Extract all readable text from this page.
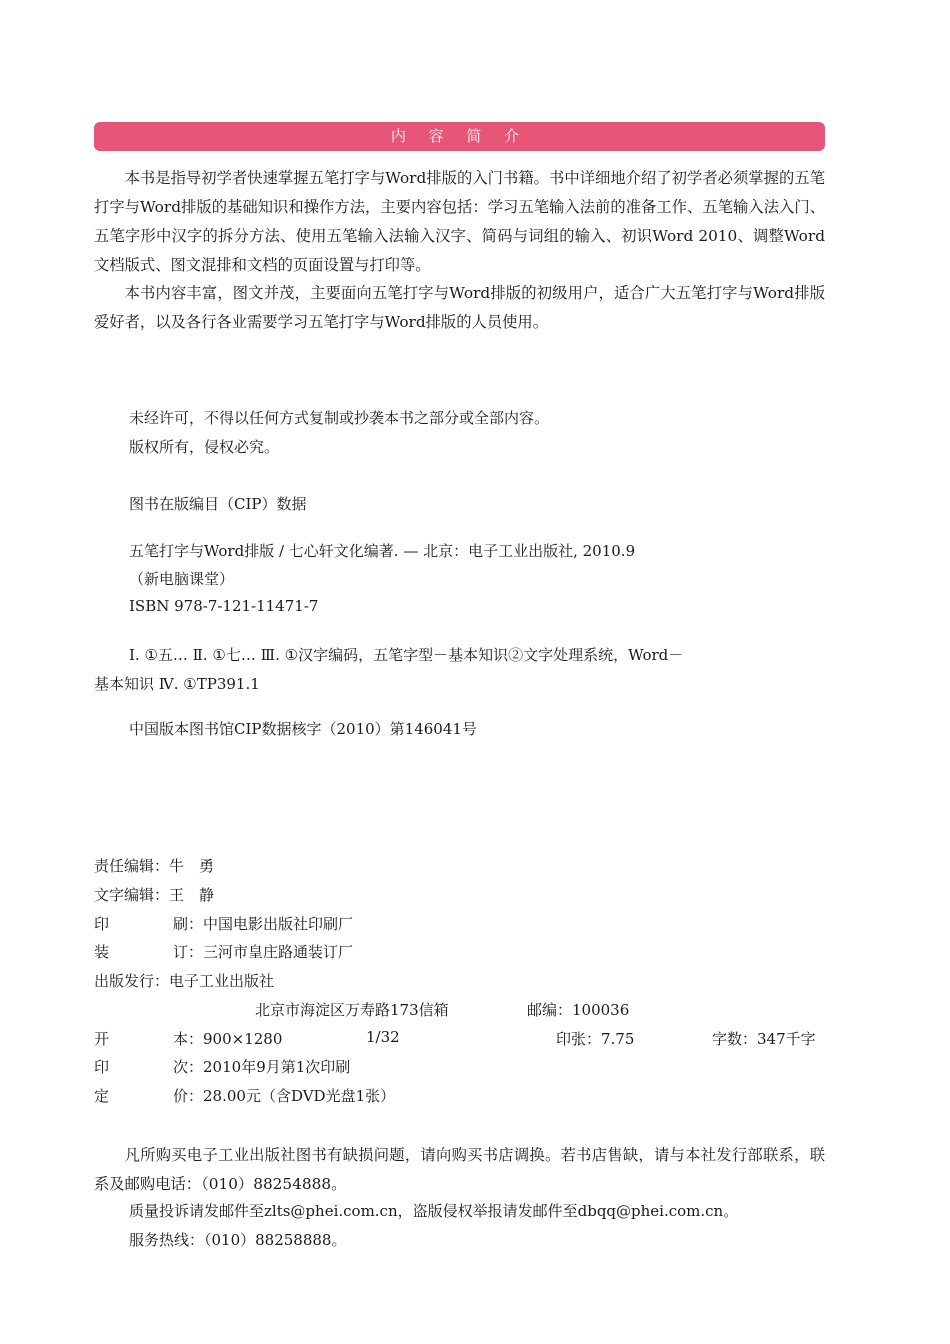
内 容 简 介

本书是指导初学者快速掌握五笔打字与Word排版的入门书籍。书中详细地介绍了初学者必须掌握的五笔打字与Word排版的基础知识和操作方法，主要内容包括：学习五笔输入法前的准备工作、五笔输入法入门、五笔字形中汉字的拆分方法、使用五笔输入法输入汉字、简码与词组的输入、初识Word 2010、调整Word文档版式、图文混排和文档的页面设置与打印等。

本书内容丰富，图文并茂，主要面向五笔打字与Word排版的初级用户，适合广大五笔打字与Word排版爱好者，以及各行各业需要学习五笔打字与Word排版的人员使用。

未经许可，不得以任何方式复制或抄袭本书之部分或全部内容。
版权所有，侵权必究。
图书在版编目（CIP）数据
五笔打字与Word排版 / 七心轩文化编著. — 北京：电子工业出版社, 2010.9
（新电脑课堂）
ISBN 978-7-121-11471-7
Ⅰ. ①五… Ⅱ. ①七… Ⅲ. ①汉字编码，五笔字型－基本知识②文字处理系统，Word－
基本知识 Ⅳ. ①TP391.1
中国版本图书馆CIP数据核字（2010）第146041号
责任编辑：牛　勇
文字编辑：王　静
印	刷：中国电影出版社印刷厂
装	订：三河市皇庄路通装订厂
出版发行：电子工业出版社
北京市海淀区万寿路173信箱	邮编：100036
开	本：900×1280	1/32	印张：7.75	字数：347千字
印	次：2010年9月第1次印刷
定	价：28.00元（含DVD光盘1张）

凡所购买电子工业出版社图书有缺损问题，请向购买书店调换。若书店售缺，请与本社发行部联系，联系及邮购电话：（010）88254888。

质量投诉请发邮件至zlts@phei.com.cn，盗版侵权举报请发邮件至dbqq@phei.com.cn。
服务热线：（010）88258888。
